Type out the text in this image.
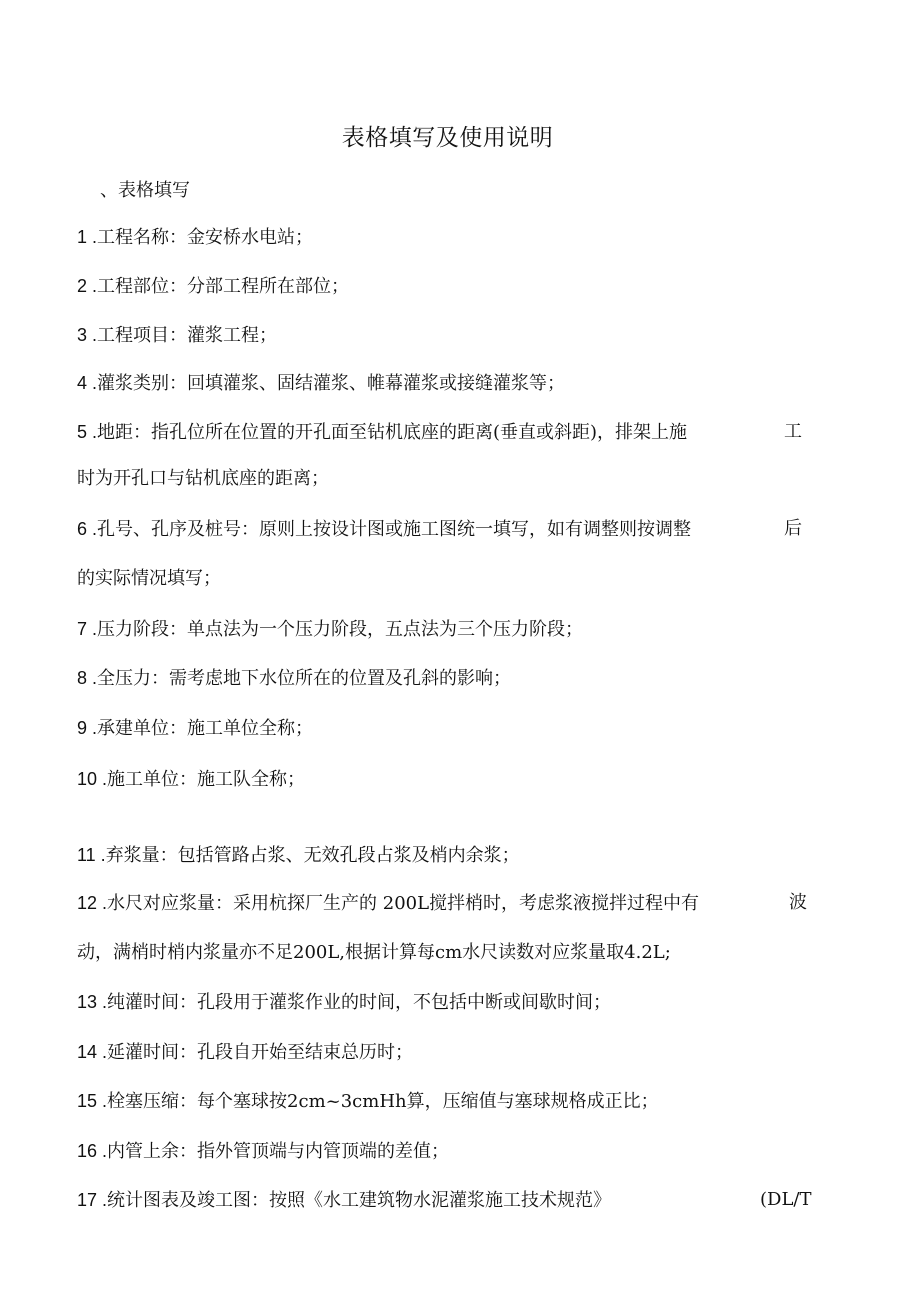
表格填写及使用说明
、表格填写
1 .工程名称：金安桥水电站；
2 .工程部位：分部工程所在部位；
3 .工程项目：灌浆工程；
4 .灌浆类别：回填灌浆、固结灌浆、帷幕灌浆或接缝灌浆等；
5 .地距：指孔位所在位置的开孔面至钻机底座的距离(垂直或斜距)，排架上施	工
时为开孔口与钻机底座的距离；
6 .孔号、孔序及桩号：原则上按设计图或施工图统一填写，如有调整则按调整	后
的实际情况填写；
7 .压力阶段：单点法为一个压力阶段，五点法为三个压力阶段；
8 .全压力：需考虑地下水位所在的位置及孔斜的影响；
9 .承建单位：施工单位全称；
10 .施工单位：施工队全称；
11 .弃浆量：包括管路占浆、无效孔段占浆及梢内余浆；
12 .水尺对应浆量：采用杭探厂生产的 200L搅拌梢时，考虑浆液搅拌过程中有	波
动，满梢时梢内浆量亦不足200L,根据计算每cm水尺读数对应浆量取4.2L;
13 .纯灌时间：孔段用于灌浆作业的时间，不包括中断或间歇时间；
14 .延灌时间：孔段自开始至结束总历时；
15 .栓塞压缩：每个塞球按2cm~3cmHh算，压缩值与塞球规格成正比；
16 .内管上余：指外管顶端与内管顶端的差值；
17 .统计图表及竣工图：按照《水工建筑物水泥灌浆施工技术规范》	(DL/T
